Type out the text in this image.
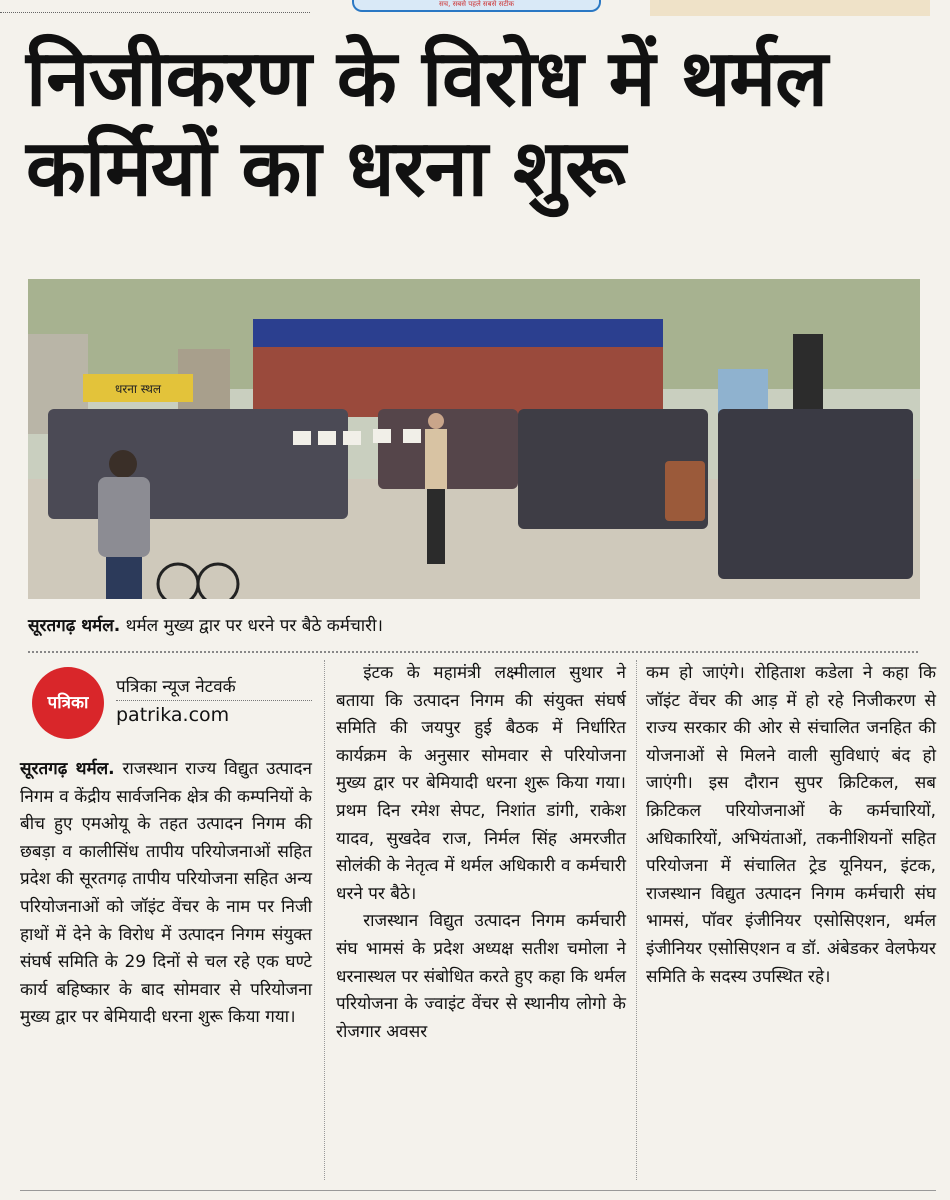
सच, सबसे पहले सबसे सटीक
निजीकरण के विरोध में थर्मल कर्मियों का धरना शुरू
धरना स्थल
सूरतगढ़ थर्मल. थर्मल मुख्य द्वार पर धरने पर बैठे कर्मचारी।
पत्रिका
पत्रिका न्यूज नेटवर्क
patrika.com

सूरतगढ़ थर्मल. राजस्थान राज्य विद्युत उत्पादन निगम व केंद्रीय सार्वजनिक क्षेत्र की कम्पनियों के बीच हुए एमओयू के तहत उत्पादन निगम की छबड़ा व कालीसिंध तापीय परियोजनाओं सहित प्रदेश की सूरतगढ़ तापीय परियोजना सहित अन्य परियोजनाओं को जॉइंट वेंचर के नाम पर निजी हाथों में देने के विरोध में उत्पादन निगम संयुक्त संघर्ष समिति के 29 दिनों से चल रहे एक घण्टे कार्य बहिष्कार के बाद सोमवार से परियोजना मुख्य द्वार पर बेमियादी धरना शुरू किया गया।

इंटक के महामंत्री लक्ष्मीलाल सुथार ने बताया कि उत्पादन निगम की संयुक्त संघर्ष समिति की जयपुर हुई बैठक में निर्धारित कार्यक्रम के अनुसार सोमवार से परियोजना मुख्य द्वार पर बेमियादी धरना शुरू किया गया। प्रथम दिन रमेश सेपट, निशांत डांगी, राकेश यादव, सुखदेव राज, निर्मल सिंह अमरजीत सोलंकी के नेतृत्व में थर्मल अधिकारी व कर्मचारी धरने पर बैठे।

राजस्थान विद्युत उत्पादन निगम कर्मचारी संघ भामसं के प्रदेश अध्यक्ष सतीश चमोला ने धरनास्थल पर संबोधित करते हुए कहा कि थर्मल परियोजना के ज्वाइंट वेंचर से स्थानीय लोगो के रोजगार अवसर

कम हो जाएंगे। रोहिताश कडेला ने कहा कि जॉइंट वेंचर की आड़ में हो रहे निजीकरण से राज्य सरकार की ओर से संचालित जनहित की योजनाओं से मिलने वाली सुविधाएं बंद हो जाएंगी। इस दौरान सुपर क्रिटिकल, सब क्रिटिकल परियोजनाओं के कर्मचारियों, अधिकारियों, अभियंताओं, तकनीशियनों सहित परियोजना में संचालित ट्रेड यूनियन, इंटक, राजस्थान विद्युत उत्पादन निगम कर्मचारी संघ भामसं, पॉवर इंजीनियर एसोसिएशन, थर्मल इंजीनियर एसोसिएशन व डॉ. अंबेडकर वेलफेयर समिति के सदस्य उपस्थित रहे।
